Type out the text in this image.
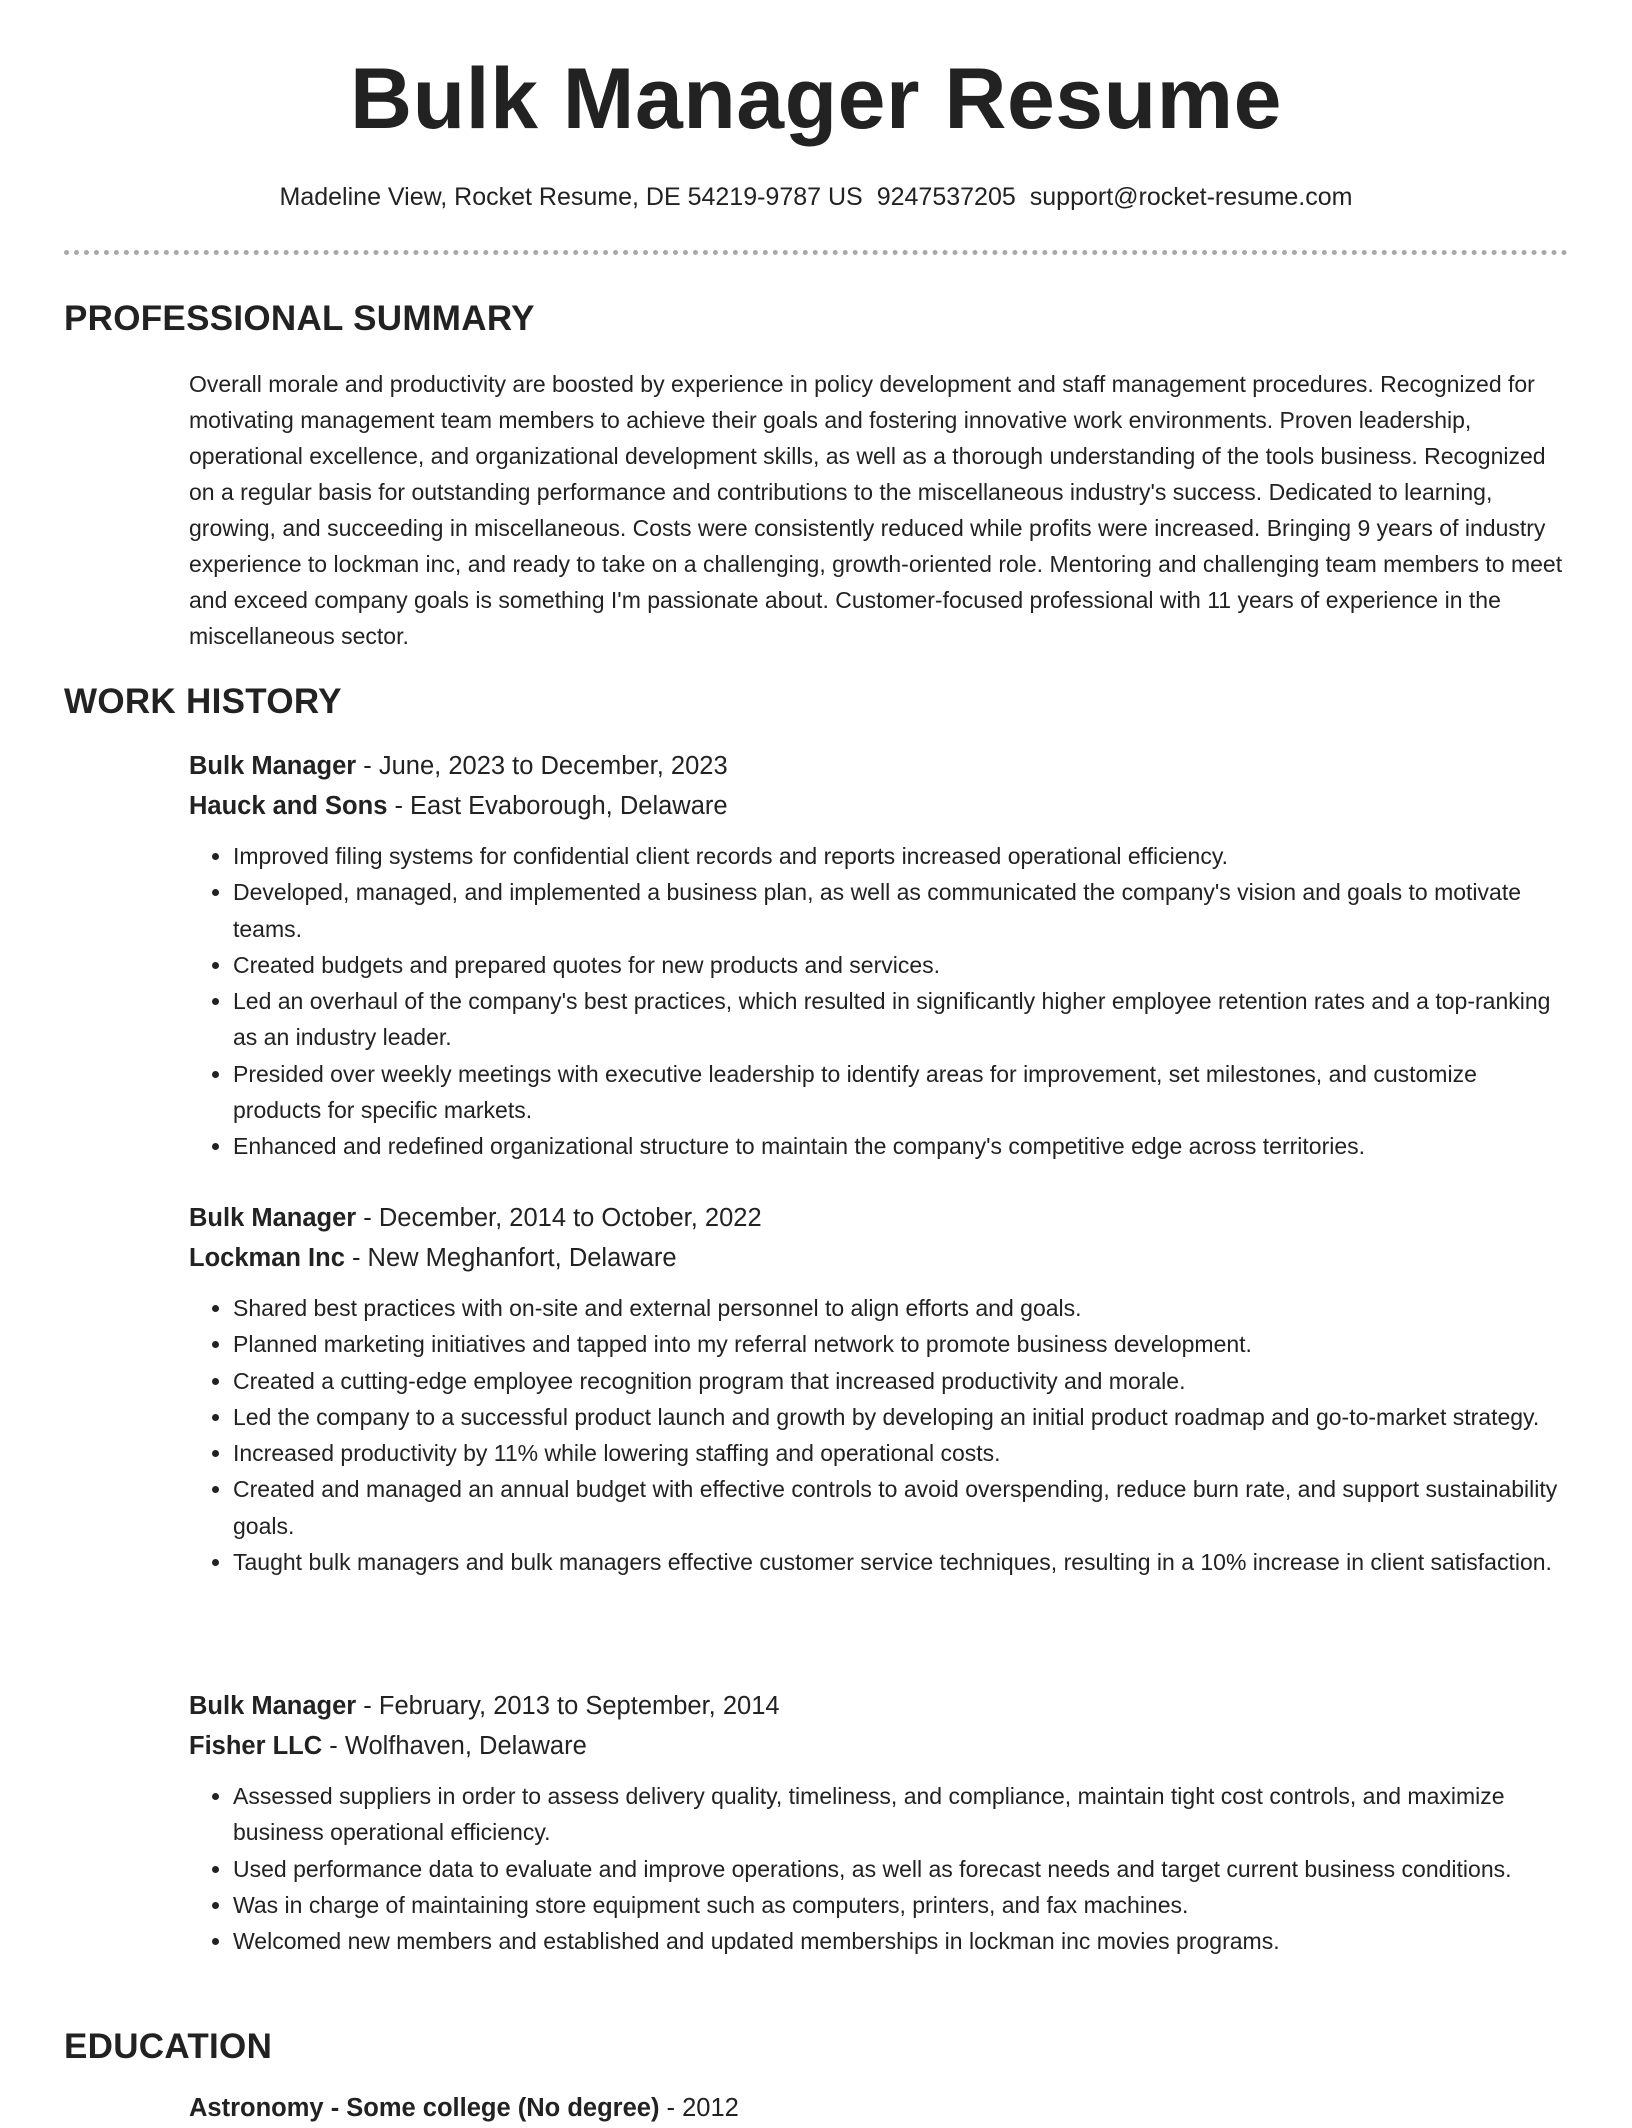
Bulk Manager Resume
Madeline View, Rocket Resume, DE 54219-9787 US 9247537205 support@rocket-resume.com
PROFESSIONAL SUMMARY

Overall morale and productivity are boosted by experience in policy development and staff management procedures. Recognized for motivating management team members to achieve their goals and fostering innovative work environments. Proven leadership, operational excellence, and organizational development skills, as well as a thorough understanding of the tools business. Recognized on a regular basis for outstanding performance and contributions to the miscellaneous industry's success. Dedicated to learning, growing, and succeeding in miscellaneous. Costs were consistently reduced while profits were increased. Bringing 9 years of industry experience to lockman inc, and ready to take on a challenging, growth-oriented role. Mentoring and challenging team members to meet and exceed company goals is something I'm passionate about. Customer-focused professional with 11 years of experience in the miscellaneous sector.

WORK HISTORY
Bulk Manager - June, 2023 to December, 2023
Hauck and Sons - East Evaborough, Delaware
• Improved filing systems for confidential client records and reports increased operational efficiency.
• Developed, managed, and implemented a business plan, as well as communicated the company's vision and goals to motivate teams.
• Created budgets and prepared quotes for new products and services.
• Led an overhaul of the company's best practices, which resulted in significantly higher employee retention rates and a top-ranking as an industry leader.
• Presided over weekly meetings with executive leadership to identify areas for improvement, set milestones, and customize products for specific markets.
• Enhanced and redefined organizational structure to maintain the company's competitive edge across territories.
Bulk Manager - December, 2014 to October, 2022
Lockman Inc - New Meghanfort, Delaware
• Shared best practices with on-site and external personnel to align efforts and goals.
• Planned marketing initiatives and tapped into my referral network to promote business development.
• Created a cutting-edge employee recognition program that increased productivity and morale.
• Led the company to a successful product launch and growth by developing an initial product roadmap and go-to-market strategy.
• Increased productivity by 11% while lowering staffing and operational costs.
• Created and managed an annual budget with effective controls to avoid overspending, reduce burn rate, and support sustainability goals.
• Taught bulk managers and bulk managers effective customer service techniques, resulting in a 10% increase in client satisfaction.
Bulk Manager - February, 2013 to September, 2014
Fisher LLC - Wolfhaven, Delaware
• Assessed suppliers in order to assess delivery quality, timeliness, and compliance, maintain tight cost controls, and maximize business operational efficiency.
• Used performance data to evaluate and improve operations, as well as forecast needs and target current business conditions.
• Was in charge of maintaining store equipment such as computers, printers, and fax machines.
• Welcomed new members and established and updated memberships in lockman inc movies programs.
EDUCATION
Astronomy - Some college (No degree) - 2012
